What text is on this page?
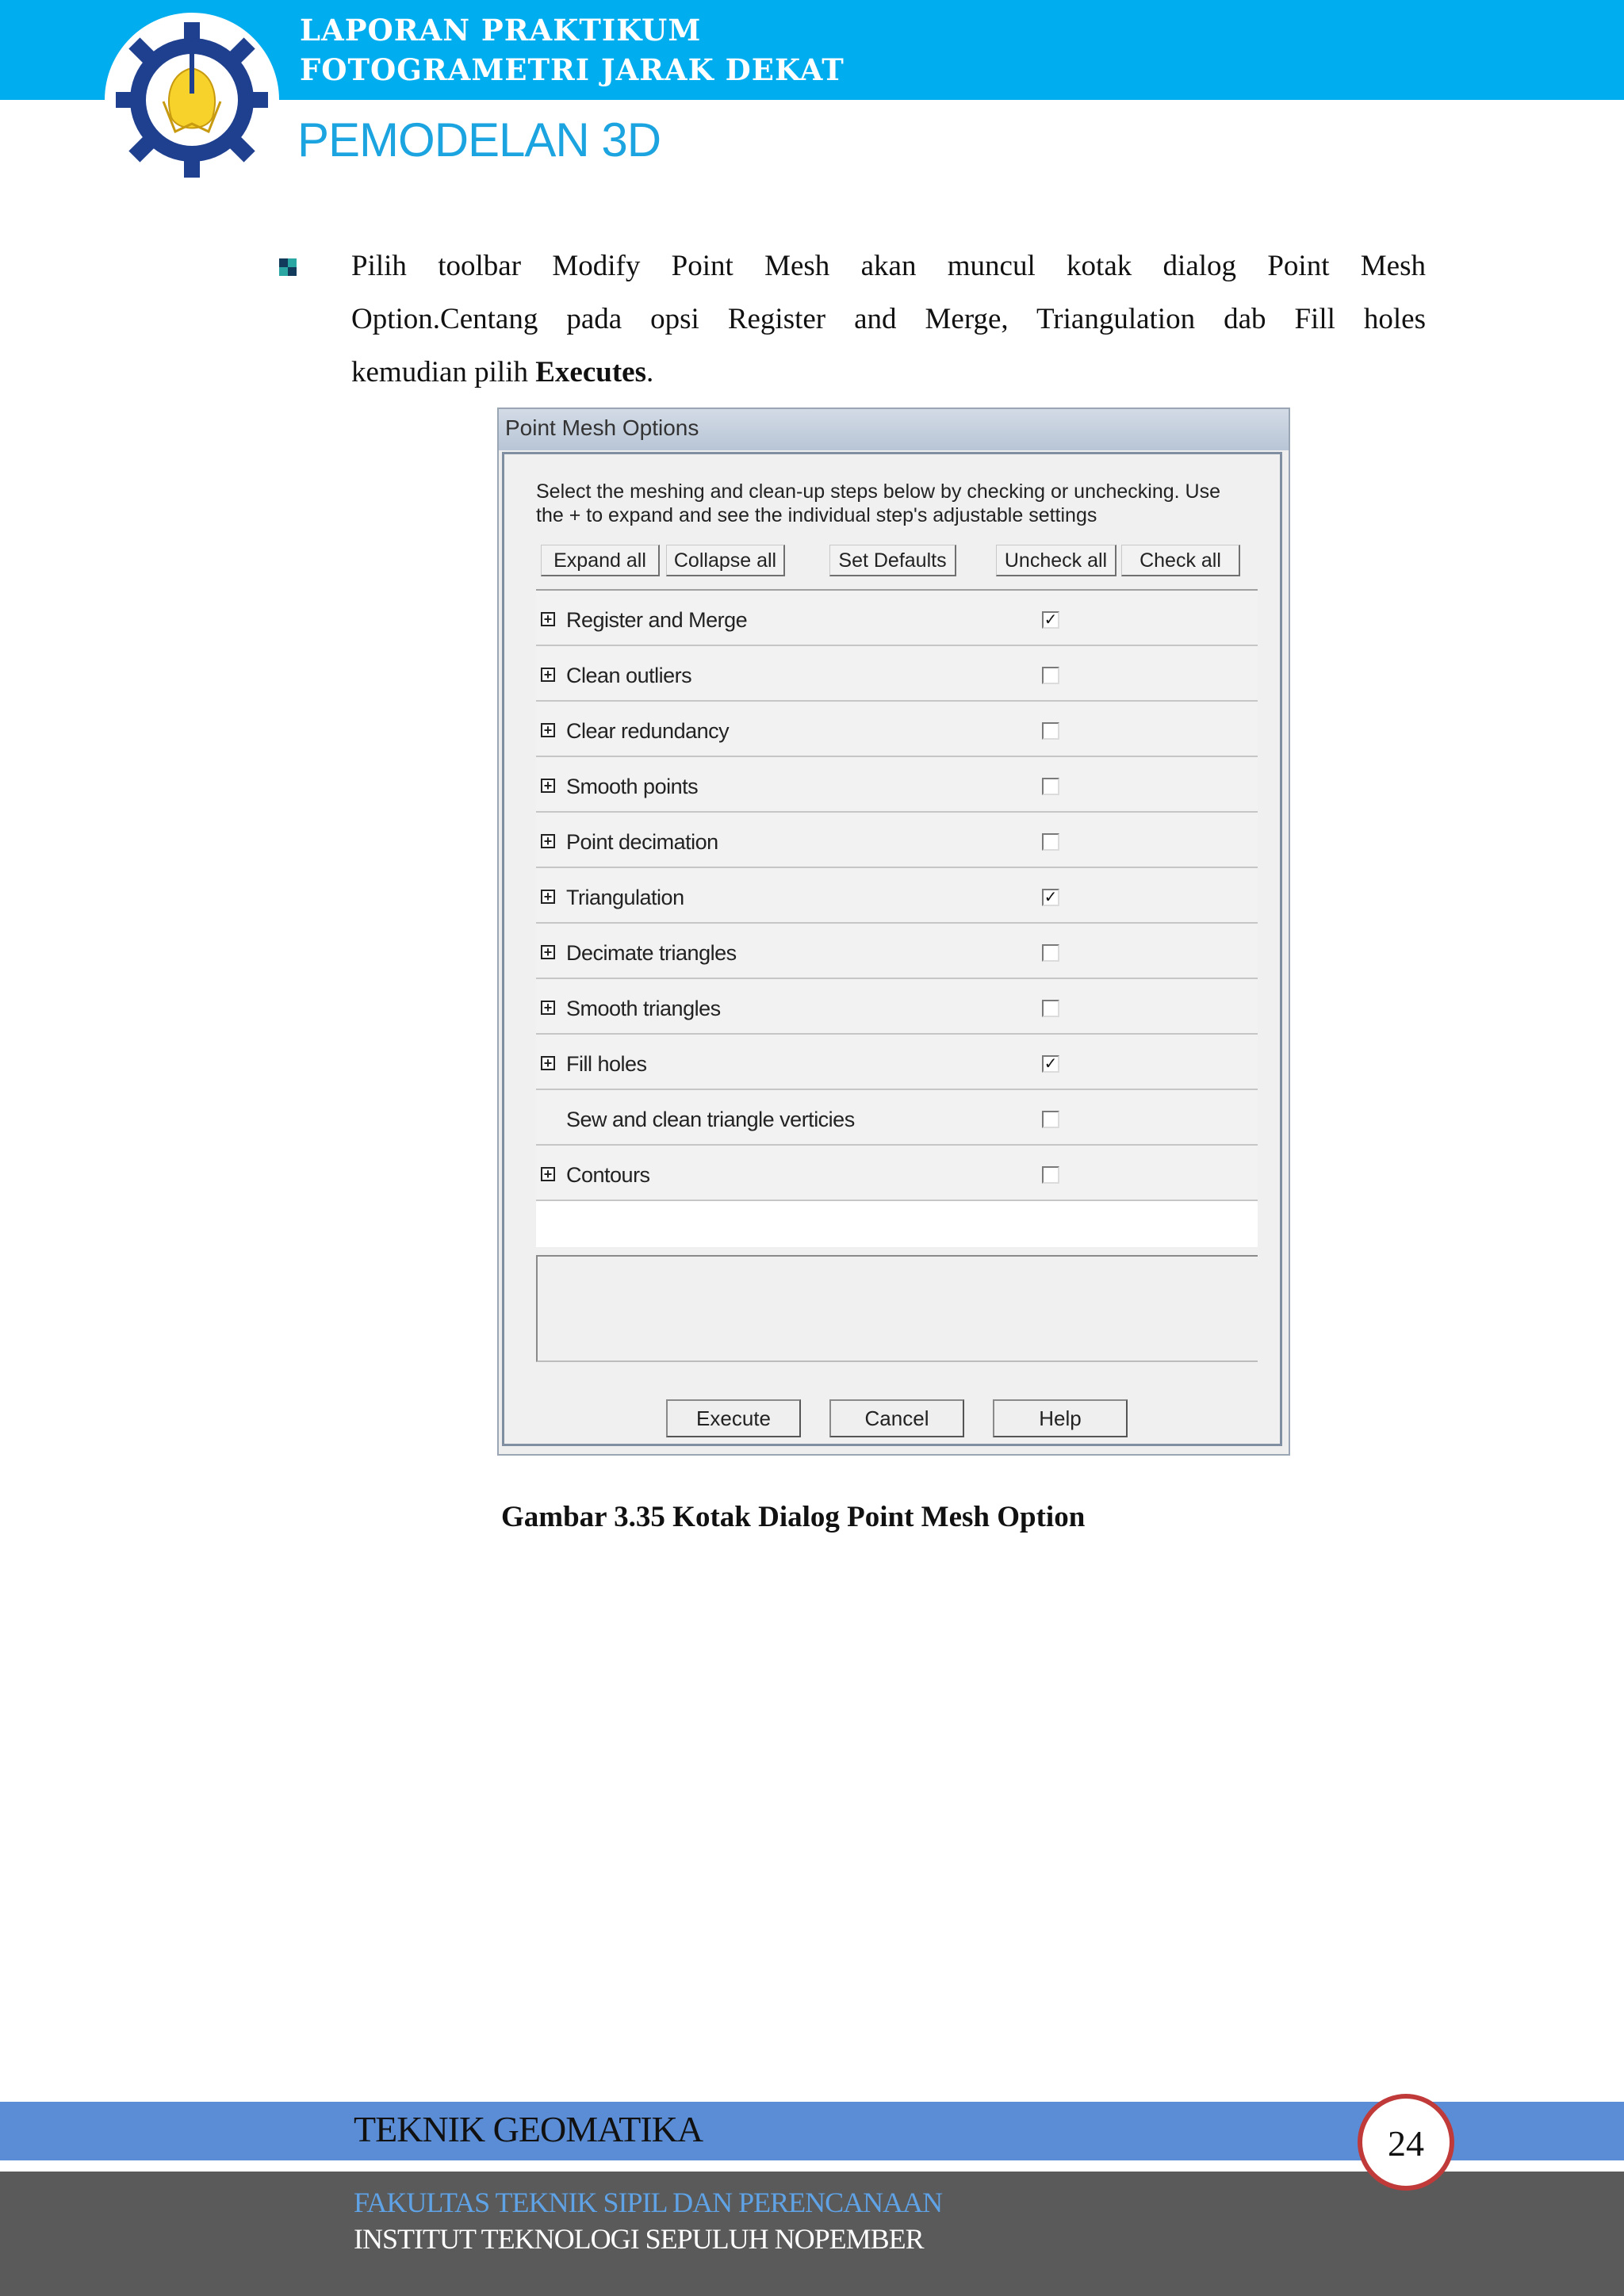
LAPORAN PRAKTIKUM
FOTOGRAMETRI JARAK DEKAT
PEMODELAN 3D
Pilih toolbar Modify Point Mesh akan muncul kotak dialog Point Mesh
Option.Centang pada opsi Register and Merge, Triangulation dab Fill holes
kemudian pilih Executes.
Point Mesh Options
Select the meshing and clean-up steps below by checking or unchecking. Use
the + to expand and see the individual step's adjustable settings
Expand all	Collapse all	Set Defaults	Uncheck all	Check all
+ Register and Merge	✓
+ Clean outliers
+ Clear redundancy
+ Smooth points
+ Point decimation
+ Triangulation	✓
+ Decimate triangles
+ Smooth triangles
+ Fill holes	✓
Sew and clean triangle verticies
+ Contours
Execute	Cancel	Help
Gambar 3.35 Kotak Dialog Point Mesh Option
TEKNIK GEOMATIKA
FAKULTAS TEKNIK SIPIL DAN PERENCANAAN
INSTITUT TEKNOLOGI SEPULUH NOPEMBER
24
